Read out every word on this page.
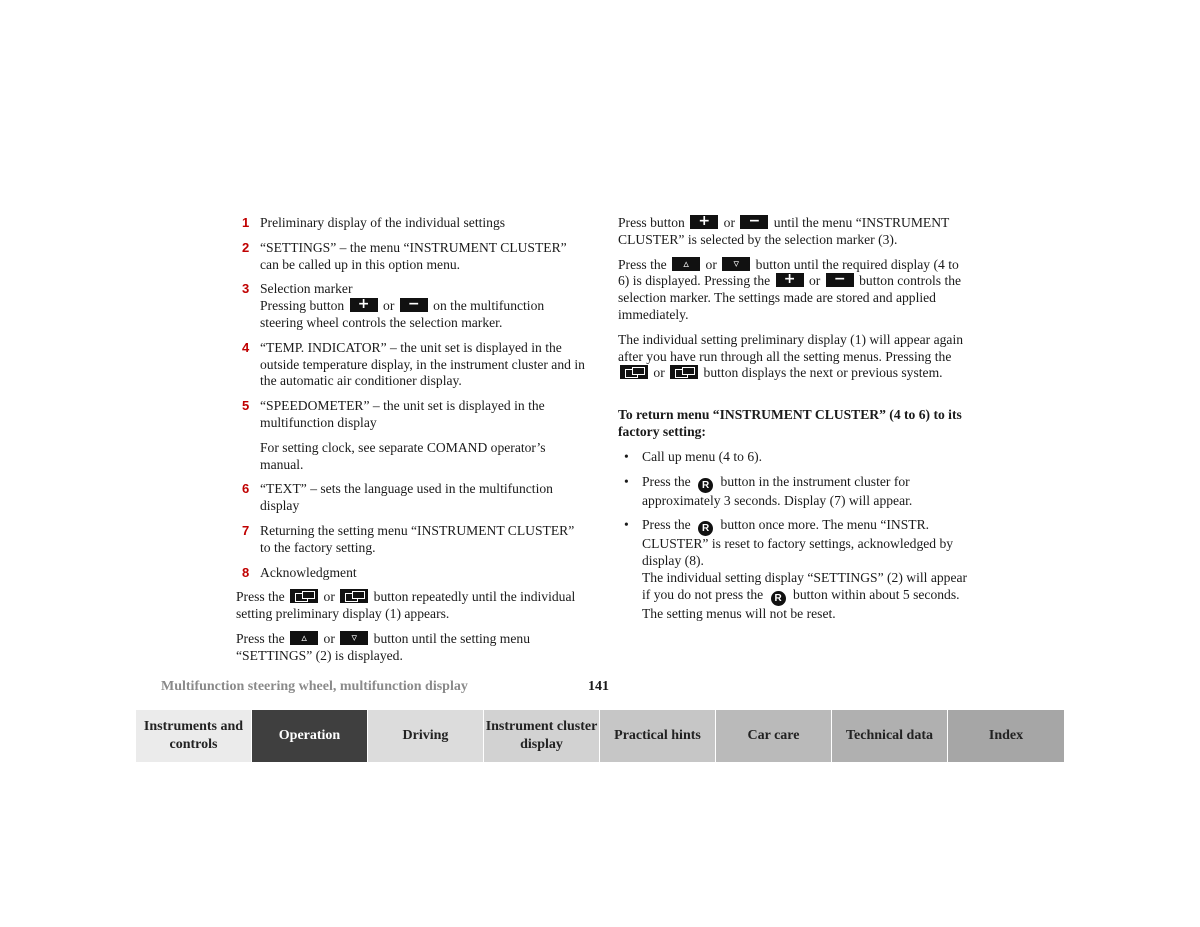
1 Preliminary display of the individual settings
2 “SETTINGS” – the menu “INSTRUMENT CLUSTER” can be called up in this option menu.
3 Selection marker
Pressing button + or − on the multifunction steering wheel controls the selection marker.
4 “TEMP. INDICATOR” – the unit set is displayed in the outside temperature display, in the instrument cluster and in the automatic air conditioner display.
5 “SPEEDOMETER” – the unit set is displayed in the multifunction display
For setting clock, see separate COMAND operator’s manual.
6 “TEXT” – sets the language used in the multifunction display
7 Returning the setting menu “INSTRUMENT CLUSTER” to the factory setting.
8 Acknowledgment

Press the	or	button repeatedly until the individual setting preliminary display (1) appears.

Press the	▵	or	▿	button until the setting menu “SETTINGS” (2) is displayed.

Press button + or − until the menu “INSTRUMENT CLUSTER” is selected by the selection marker (3).

Press the	▵	or	▿	button until the required display (4 to 6) is displayed. Pressing the + or − button controls the selection marker. The settings made are stored and applied immediately.

The individual setting preliminary display (1) will appear again after you have run through all the setting menus. Pressing the
or	button displays the next or previous system.

To return menu “INSTRUMENT CLUSTER” (4 to 6) to its factory setting:
• Call up menu (4 to 6).
• Press the R button in the instrument cluster for approximately 3 seconds. Display (7) will appear.
• Press the R button once more. The menu “INSTR. CLUSTER” is reset to factory settings, acknowledged by display (8).
The individual setting display “SETTINGS” (2) will appear if you do not press the R button within about 5 seconds. The setting menus will not be reset.
Multifunction steering wheel, multifunction display	141
Instruments and controls
Operation	Driving
Instrument cluster display
Practical hints	Car care	Technical data	Index
